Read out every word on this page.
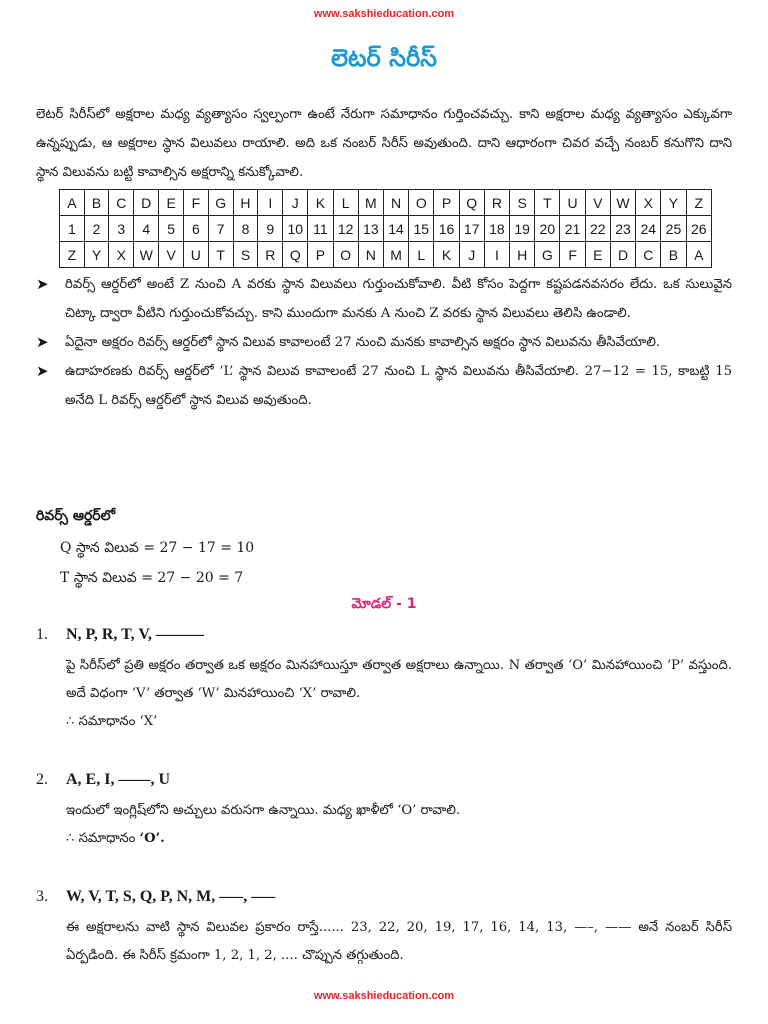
www.sakshieducation.com
లెటర్ సిరీస్
లెటర్ సిరీస్‌లో అక్షరాల మధ్య వ్యత్యాసం స్వల్పంగా ఉంటే నేరుగా సమాధానం గుర్తించవచ్చు. కాని అక్షరాల మధ్య వ్యత్యాసం ఎక్కువగా ఉన్నప్పుడు, ఆ అక్షరాల స్థాన విలువలు రాయాలి. అది ఒక నంబర్ సిరీస్ అవుతుంది. దాని ఆధారంగా చివర వచ్చే నంబర్ కనుగొని దాని స్థాన విలువను బట్టి కావాల్సిన అక్షరాన్ని కనుక్కోవాలి.
A	B	C	D	E	F	G	H	I	J	K	L	M	N	O	P	Q	R	S	T	U	V	W	X	Y	Z
1	2	3	4	5	6	7	8	9	10	11	12	13	14	15	16	17	18	19	20	21	22	23	24	25	26
Z	Y	X	W	V	U	T	S	R	Q	P	O	N	M	L	K	J	I	H	G	F	E	D	C	B	A
➤ రివర్స్ ఆర్డర్‌లో అంటే Z నుంచి A వరకు స్థాన విలువలు గుర్తుంచుకోవాలి. వీటి కోసం పెద్దగా కష్టపడనవసరం లేదు. ఒక సులువైన చిట్కా ద్వారా వీటిని గుర్తుంచుకోవచ్చు. కాని ముందుగా మనకు A నుంచి Z వరకు స్థాన విలువలు తెలిసి ఉండాలి.
➤ ఏదైనా అక్షరం రివర్స్ ఆర్డర్‌లో స్థాన విలువ కావాలంటే 27 నుంచి మనకు కావాల్సిన అక్షరం స్థాన విలువను తీసివేయాలి.
➤ ఉదాహరణకు రివర్స్ ఆర్డర్‌లో ‘L’ స్థాన విలువ కావాలంటే 27 నుంచి L స్థాన విలువను తీసివేయాలి. 27−12 = 15, కాబట్టి 15 అనేది L రివర్స్ ఆర్డర్‌లో స్థాన విలువ అవుతుంది.
రివర్స్ ఆర్డర్‌లో
Q స్థాన విలువ = 27 − 17 = 10
T స్థాన విలువ = 27 − 20 = 7
మోడల్ - 1
1. N, P, R, T, V, ———
పై సిరీస్‌లో ప్రతి అక్షరం తర్వాత ఒక అక్షరం మినహాయిస్తూ తర్వాత అక్షరాలు ఉన్నాయి. N తర్వాత ‘O’ మినహాయించి ‘P’ వస్తుంది. అదే విధంగా ‘V’ తర్వాత ‘W’ మినహాయించి ‘X’ రావాలి.
∴ సమాధానం ‘X’
2. A, E, I, ——, U
ఇందులో ఇంగ్లిష్‌లోని అచ్చులు వరుసగా ఉన్నాయి. మధ్య ఖాళీలో ‘O’ రావాలి.
∴ సమాధానం ‘O’.
3. W, V, T, S, Q, P, N, M, —–, —–
ఈ అక్షరాలను వాటి స్థాన విలువల ప్రకారం రాస్తే...... 23, 22, 20, 19, 17, 16, 14, 13, —–, —— అనే నంబర్ సిరీస్ ఏర్పడింది. ఈ సిరీస్ క్రమంగా 1, 2, 1, 2, .... చొప్పున తగ్గుతుంది.
www.sakshieducation.com
